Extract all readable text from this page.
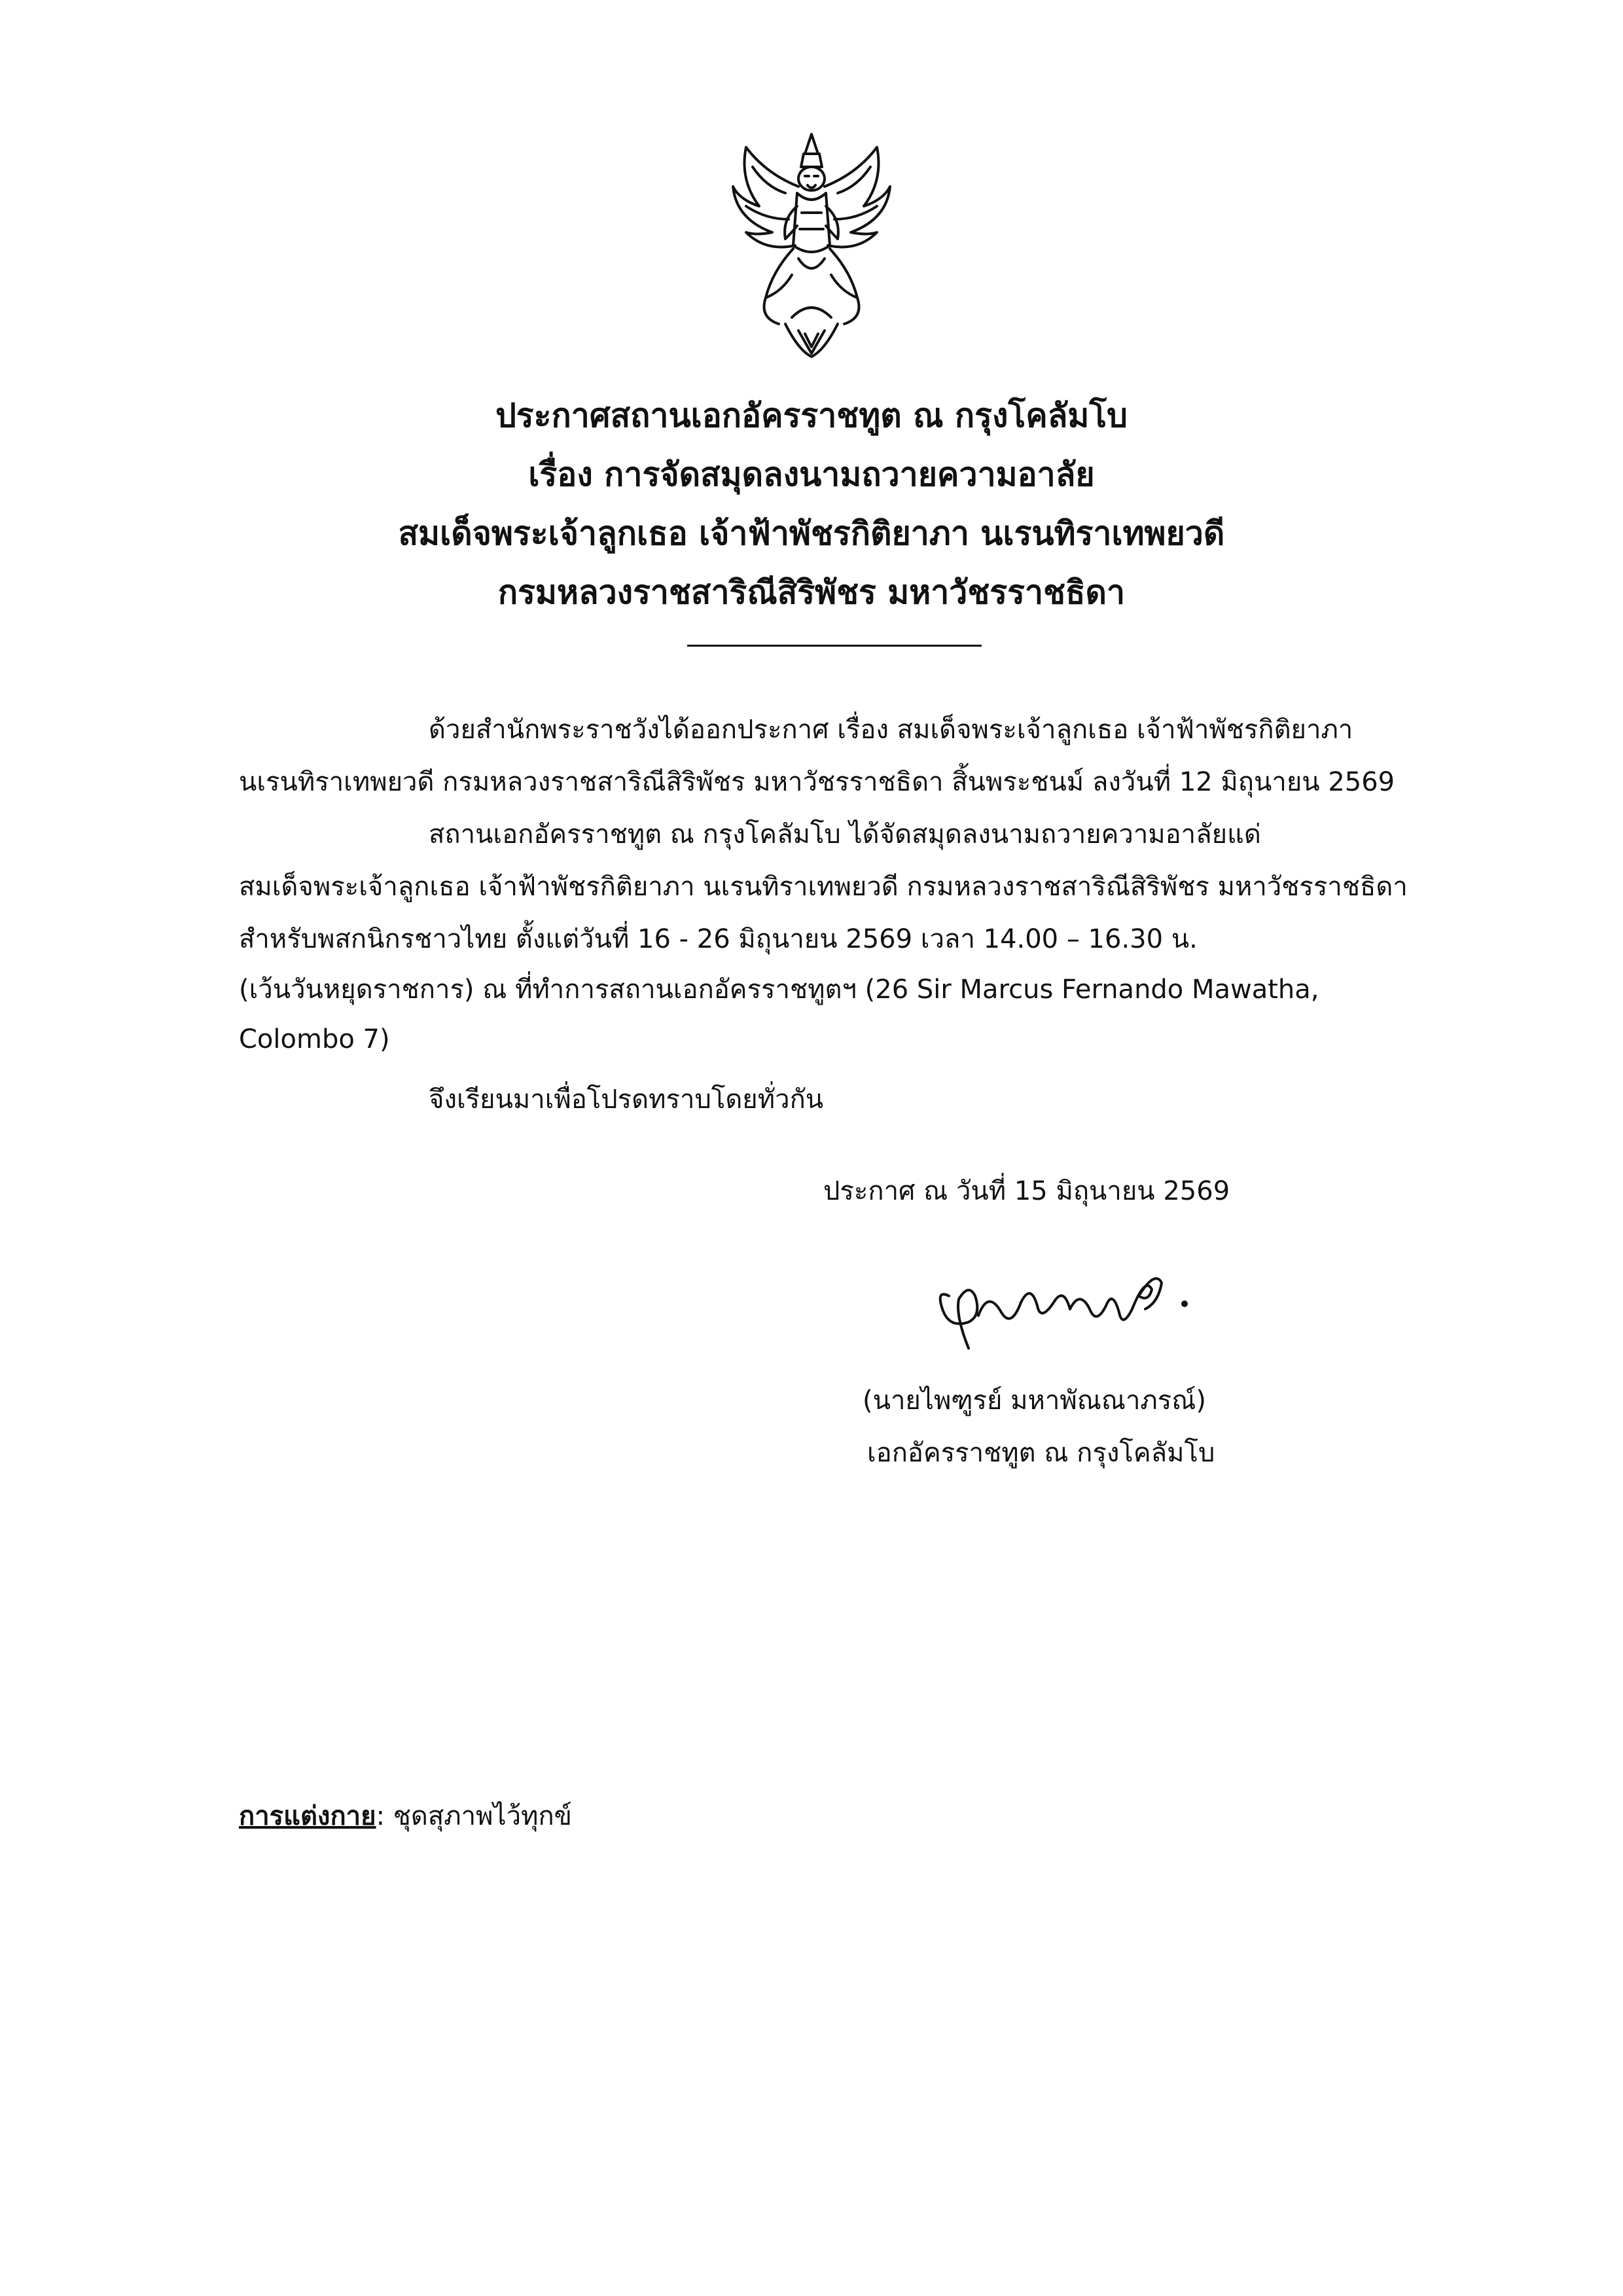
ประกาศสถานเอกอัครราชทูต ณ กรุงโคลัมโบ
เรื่อง การจัดสมุดลงนามถวายความอาลัย
สมเด็จพระเจ้าลูกเธอ เจ้าฟ้าพัชรกิติยาภา นเรนทิราเทพยวดี
กรมหลวงราชสาริณีสิริพัชร มหาวัชรราชธิดา
ด้วยสำนักพระราชวังได้ออกประกาศ เรื่อง สมเด็จพระเจ้าลูกเธอ เจ้าฟ้าพัชรกิติยาภา
นเรนทิราเทพยวดี กรมหลวงราชสาริณีสิริพัชร มหาวัชรราชธิดา สิ้นพระชนม์ ลงวันที่ 12 มิถุนายน 2569
สถานเอกอัครราชทูต ณ กรุงโคลัมโบ ได้จัดสมุดลงนามถวายความอาลัยแด่
สมเด็จพระเจ้าลูกเธอ เจ้าฟ้าพัชรกิติยาภา นเรนทิราเทพยวดี กรมหลวงราชสาริณีสิริพัชร มหาวัชรราชธิดา
สำหรับพสกนิกรชาวไทย ตั้งแต่วันที่ 16 - 26 มิถุนายน 2569 เวลา 14.00 – 16.30 น.
(เว้นวันหยุดราชการ) ณ ที่ทำการสถานเอกอัครราชทูตฯ (26 Sir Marcus Fernando Mawatha,
Colombo 7)
จึงเรียนมาเพื่อโปรดทราบโดยทั่วกัน
ประกาศ ณ วันที่ 15 มิถุนายน 2569
(นายไพฑูรย์ มหาพัณณาภรณ์)
เอกอัครราชทูต ณ กรุงโคลัมโบ
การแต่งกาย: ชุดสุภาพไว้ทุกข์
